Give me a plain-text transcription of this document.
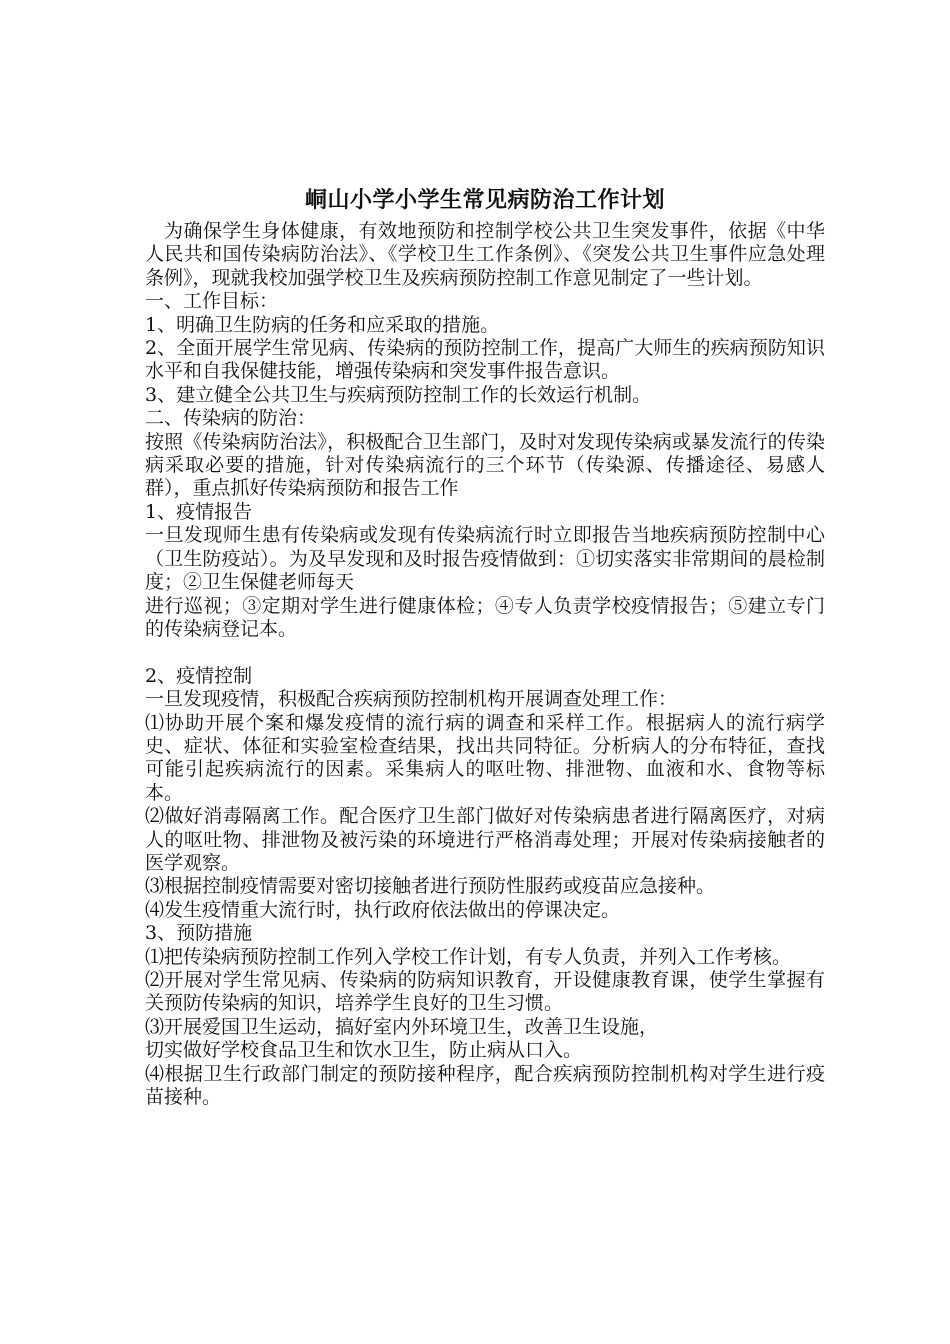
峒山小学小学生常见病防治工作计划

为确保学生身体健康，有效地预防和控制学校公共卫生突发事件，依据《中华人民共和国传染病防治法》、《学校卫生工作条例》、《突发公共卫生事件应急处理条例》，现就我校加强学校卫生及疾病预防控制工作意见制定了一些计划。

一、工作目标：

1、明确卫生防病的任务和应采取的措施。

2、全面开展学生常见病、传染病的预防控制工作，提高广大师生的疾病预防知识水平和自我保健技能，增强传染病和突发事件报告意识。

3、建立健全公共卫生与疾病预防控制工作的长效运行机制。

二、传染病的防治：

按照《传染病防治法》，积极配合卫生部门，及时对发现传染病或暴发流行的传染病采取必要的措施，针对传染病流行的三个环节（传染源、传播途径、易感人群），重点抓好传染病预防和报告工作

1、疫情报告

一旦发现师生患有传染病或发现有传染病流行时立即报告当地疾病预防控制中心（卫生防疫站）。为及早发现和及时报告疫情做到：①切实落实非常期间的晨检制度；②卫生保健老师每天

进行巡视；③定期对学生进行健康体检；④专人负责学校疫情报告；⑤建立专门的传染病登记本。

2、疫情控制

一旦发现疫情，积极配合疾病预防控制机构开展调查处理工作：

⑴协助开展个案和爆发疫情的流行病的调查和采样工作。根据病人的流行病学史、症状、体征和实验室检查结果，找出共同特征。分析病人的分布特征，查找可能引起疾病流行的因素。采集病人的呕吐物、排泄物、血液和水、食物等标本。

⑵做好消毒隔离工作。配合医疗卫生部门做好对传染病患者进行隔离医疗，对病人的呕吐物、排泄物及被污染的环境进行严格消毒处理；开展对传染病接触者的医学观察。

⑶根据控制疫情需要对密切接触者进行预防性服药或疫苗应急接种。

⑷发生疫情重大流行时，执行政府依法做出的停课决定。

3、预防措施

⑴把传染病预防控制工作列入学校工作计划，有专人负责，并列入工作考核。

⑵开展对学生常见病、传染病的防病知识教育，开设健康教育课，使学生掌握有关预防传染病的知识，培养学生良好的卫生习惯。

⑶开展爱国卫生运动，搞好室内外环境卫生，改善卫生设施，

切实做好学校食品卫生和饮水卫生，防止病从口入。

⑷根据卫生行政部门制定的预防接种程序，配合疾病预防控制机构对学生进行疫苗接种。
